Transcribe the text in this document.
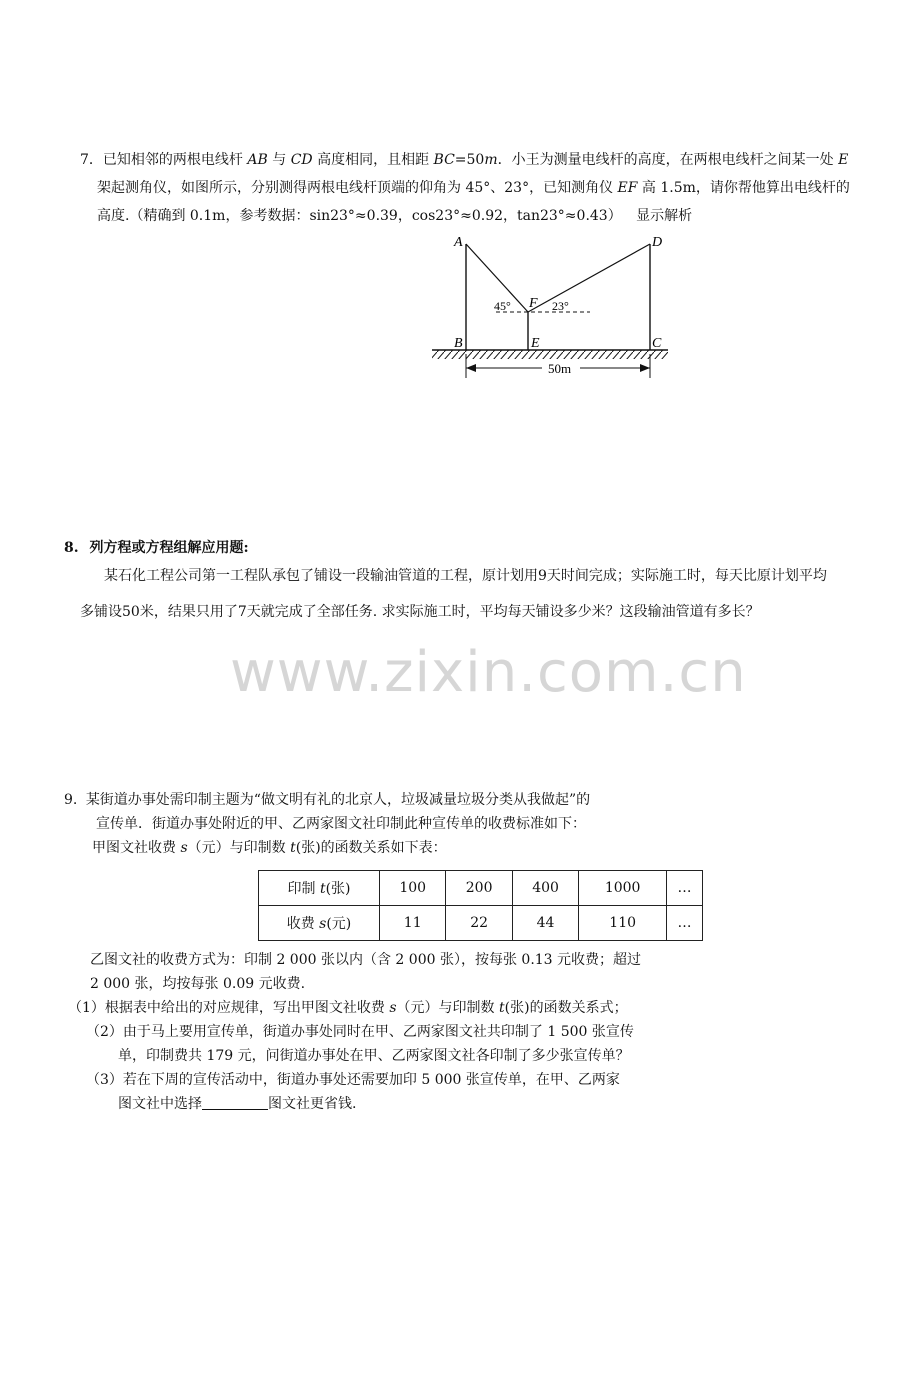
7．已知相邻的两根电线杆 AB 与 CD 高度相同，且相距 BC=50m．小王为测量电线杆的高度，在两根电线杆之间某一处 E
架起测角仪，如图所示，分别测得两根电线杆顶端的仰角为 45°、23°，已知测角仪 EF 高 1.5m，请你帮他算出电线杆的
高度.（精确到 0.1m，参考数据：sin23°≈0.39，cos23°≈0.92，tan23°≈0.43） 显示解析
A
B	C
D
E
F
45°	23°
50m
8. 列方程或方程组解应用题:
某石化工程公司第一工程队承包了铺设一段输油管道的工程，原计划用9天时间完成；实际施工时，每天比原计划平均
多铺设50米，结果只用了7天就完成了全部任务. 求实际施工时，平均每天铺设多少米？这段输油管道有多长？
www.zixin.com.cn
9. 某街道办事处需印制主题为“做文明有礼的北京人，垃圾减量垃圾分类从我做起”的
宣传单．街道办事处附近的甲、乙两家图文社印制此种宣传单的收费标准如下：
甲图文社收费 s（元）与印制数 t(张)的函数关系如下表：
印制 t(张)	100	200	400	1000	…
收费 s(元)	11	22	44	110	…
乙图文社的收费方式为：印制 2 000 张以内（含 2 000 张），按每张 0.13 元收费；超过
2 000 张，均按每张 0.09 元收费.
（1）根据表中给出的对应规律，写出甲图文社收费 s（元）与印制数 t(张)的函数关系式；
（2）由于马上要用宣传单，街道办事处同时在甲、乙两家图文社共印制了 1 500 张宣传
单，印制费共 179 元，问街道办事处在甲、乙两家图文社各印制了多少张宣传单？
（3）若在下周的宣传活动中，街道办事处还需要加印 5 000 张宣传单，在甲、乙两家
图文社中选择	图文社更省钱.
